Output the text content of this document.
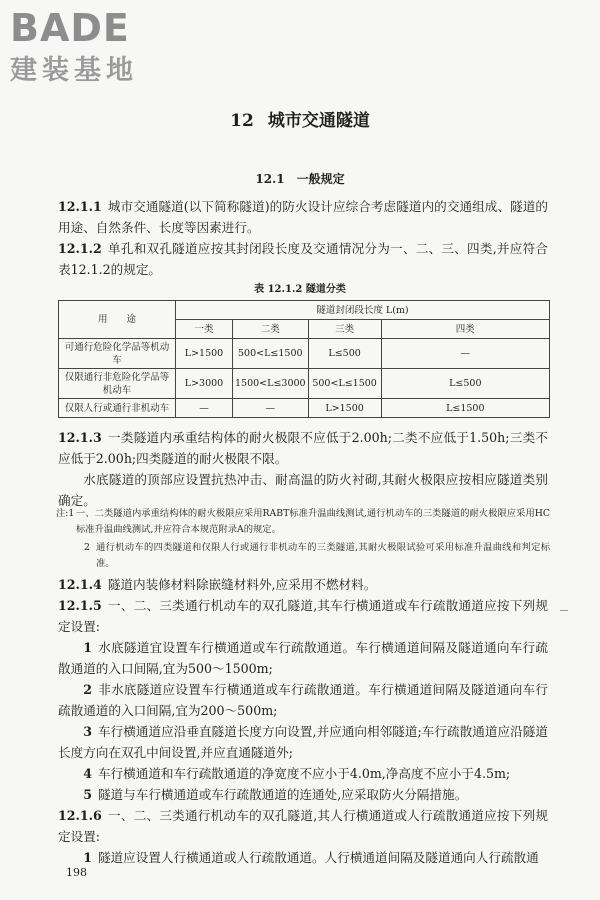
BADE
建装基地
12 城市交通隧道
12.1 一般规定
12.1.1 城市交通隧道(以下简称隧道)的防火设计应综合考虑隧道内的交通组成、隧道的用途、自然条件、长度等因素进行。
12.1.2 单孔和双孔隧道应按其封闭段长度及交通情况分为一、二、三、四类,并应符合表12.1.2的规定。
表 12.1.2 隧道分类
用　　途	隧道封闭段长度 L(m)			
	一类	二类	三类	四类
可通行危险化学品等机动车	L>1500	500<L≤1500	L≤500	—
仅限通行非危险化学品等机动车	L>3000	1500<L≤3000	500<L≤1500	L≤500
仅限人行或通行非机动车	—	—	L>1500	L≤1500
12.1.3 一类隧道内承重结构体的耐火极限不应低于2.00h;二类不应低于1.50h;三类不应低于2.00h;四类隧道的耐火极限不限。
水底隧道的顶部应设置抗热冲击、耐高温的防火衬砌,其耐火极限应按相应隧道类别确定。
注:1 一、二类隧道内承重结构体的耐火极限应采用RABT标准升温曲线测试,通行机动车的三类隧道的耐火极限应采用HC标准升温曲线测试,并应符合本规范附录A的规定。
2 通行机动车的四类隧道和仅限人行或通行非机动车的三类隧道,其耐火极限试验可采用标准升温曲线和判定标准。
12.1.4 隧道内装修材料除嵌缝材料外,应采用不燃材料。
12.1.5 一、二、三类通行机动车的双孔隧道,其车行横通道或车行疏散通道应按下列规定设置:
1 水底隧道宜设置车行横通道或车行疏散通道。车行横通道间隔及隧道通向车行疏散通道的入口间隔,宜为500～1500m;
2 非水底隧道应设置车行横通道或车行疏散通道。车行横通道间隔及隧道通向车行疏散通道的入口间隔,宜为200～500m;
3 车行横通道应沿垂直隧道长度方向设置,并应通向相邻隧道;车行疏散通道应沿隧道长度方向在双孔中间设置,并应直通隧道外;
4 车行横通道和车行疏散通道的净宽度不应小于4.0m,净高度不应小于4.5m;
5 隧道与车行横通道或车行疏散通道的连通处,应采取防火分隔措施。
12.1.6 一、二、三类通行机动车的双孔隧道,其人行横通道或人行疏散通道应按下列规定设置:
1 隧道应设置人行横通道或人行疏散通道。人行横通道间隔及隧道通向人行疏散通
198
